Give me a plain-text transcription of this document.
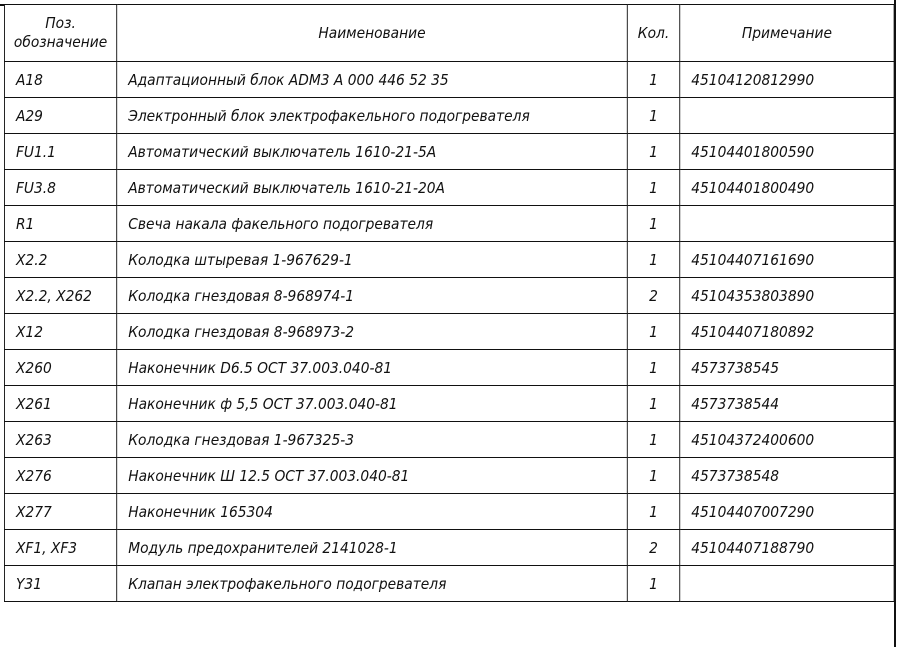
Поз.
обозначение	Наименование	Кол.	Примечание
A18	Адаптационный блок ADM3 A 000 446 52 35	1	45104120812990
A29	Электронный блок электрофакельного подогревателя	1	
FU1.1	Автоматический выключатель 1610-21-5A	1	45104401800590
FU3.8	Автоматический выключатель 1610-21-20A	1	45104401800490
R1	Свеча накала факельного подогревателя	1	
X2.2	Колодка штыревая 1-967629-1	1	45104407161690
X2.2, X262	Колодка гнездовая 8-968974-1	2	45104353803890
X12	Колодка гнездовая 8-968973-2	1	45104407180892
X260	Наконечник D6.5 ОСТ 37.003.040-81	1	4573738545
X261	Наконечник ф 5,5 ОСТ 37.003.040-81	1	4573738544
X263	Колодка гнездовая 1-967325-3	1	45104372400600
X276	Наконечник Ш 12.5 ОСТ 37.003.040-81	1	4573738548
X277	Наконечник 165304	1	45104407007290
XF1, XF3	Модуль предохранителей 2141028-1	2	45104407188790
Y31	Клапан электрофакельного подогревателя	1	
